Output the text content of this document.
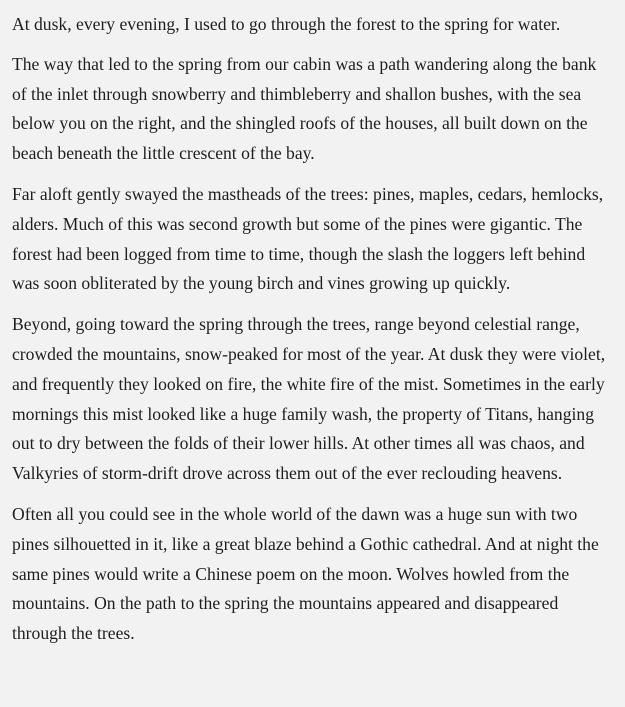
At dusk, every evening, I used to go through the forest to the spring for water.

The way that led to the spring from our cabin was a path wandering along the bank of the inlet through snowberry and thimbleberry and shallon bushes, with the sea below you on the right, and the shingled roofs of the houses, all built down on the beach beneath the little crescent of the bay.

Far aloft gently swayed the mastheads of the trees: pines, maples, cedars, hemlocks, alders. Much of this was second growth but some of the pines were gigantic. The forest had been logged from time to time, though the slash the loggers left behind was soon obliterated by the young birch and vines growing up quickly.

Beyond, going toward the spring through the trees, range beyond celestial range, crowded the mountains, snow-peaked for most of the year. At dusk they were violet, and frequently they looked on fire, the white fire of the mist. Sometimes in the early mornings this mist looked like a huge family wash, the property of Titans, hanging out to dry between the folds of their lower hills. At other times all was chaos, and Valkyries of storm-drift drove across them out of the ever reclouding heavens.

Often all you could see in the whole world of the dawn was a huge sun with two pines silhouetted in it, like a great blaze behind a Gothic cathedral. And at night the same pines would write a Chinese poem on the moon. Wolves howled from the mountains. On the path to the spring the mountains appeared and disappeared through the trees.
